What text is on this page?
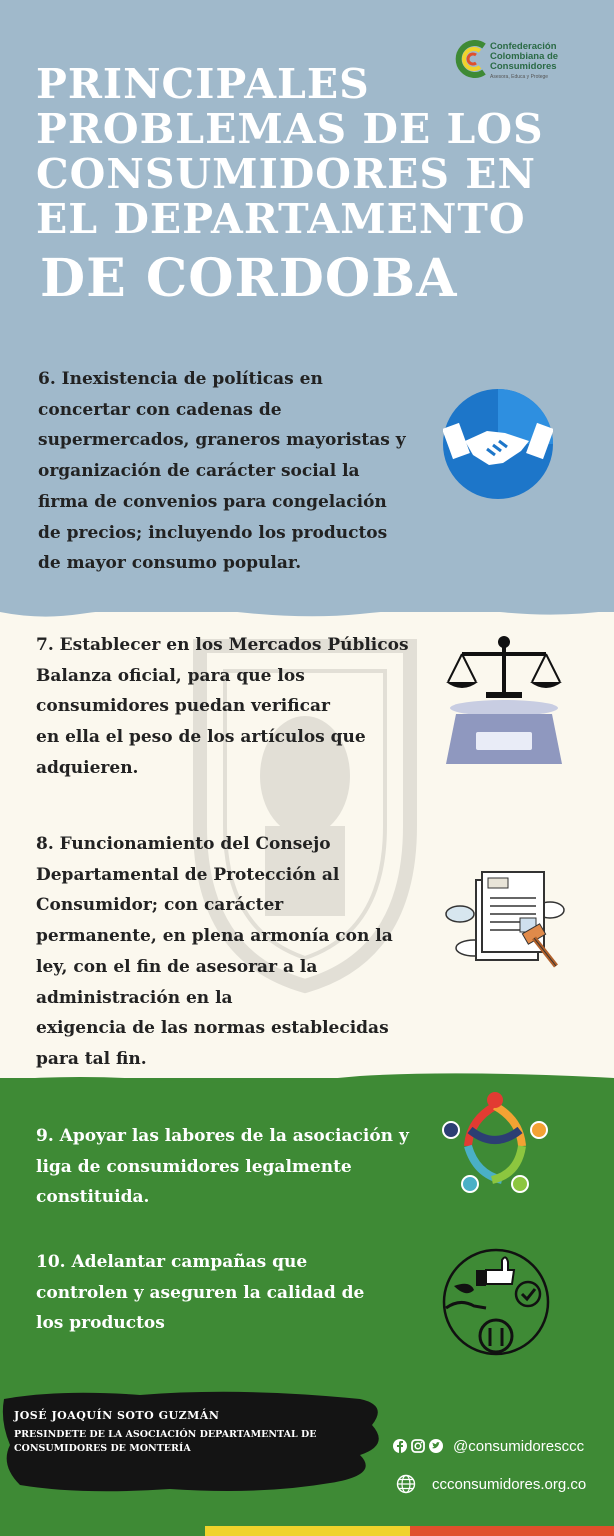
PRINCIPALES
PROBLEMAS DE LOS
CONSUMIDORES EN
EL DEPARTAMENTO
DE CORDOBA
Confederación
Colombiana de
Consumidores
Asesora, Educa y Protege

6. Inexistencia de políticas en
concertar con cadenas de
supermercados, graneros mayoristas y
organización de carácter social la
firma de convenios para congelación
de precios; incluyendo los productos
de mayor consumo popular.

7. Establecer en los Mercados Públicos
Balanza oficial, para que los
consumidores puedan verificar
en ella el peso de los artículos que
adquieren.

8. Funcionamiento del Consejo
Departamental de Protección al
Consumidor; con carácter
permanente, en plena armonía con la
ley, con el fin de asesorar a la
administración en la
exigencia de las normas establecidas
para tal fin.

9. Apoyar las labores de la asociación y
liga de consumidores legalmente
constituida.

10. Adelantar campañas que
controlen y aseguren la calidad de
los productos

JOSÉ JOAQUÍN SOTO GUZMÁN
PRESINDETE DE LA ASOCIACIÓN DEPARTAMENTAL DE
CONSUMIDORES DE MONTERÍA	@consumidoresccc
ccconsumidores.org.co
